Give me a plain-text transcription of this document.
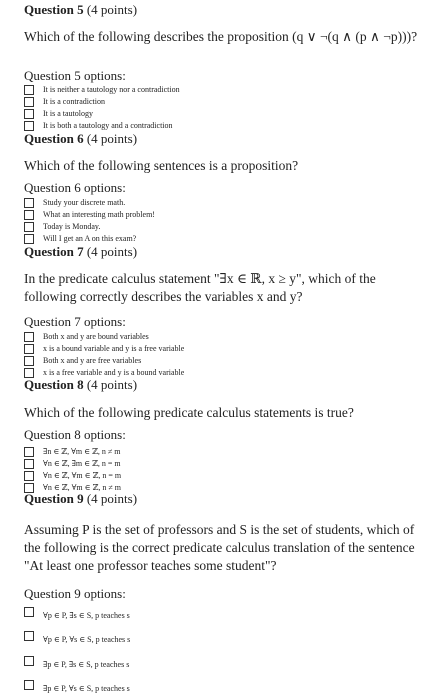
Question 5 (4 points)
Which of the following describes the proposition (q ∨ ¬(q ∧ (p ∧ ¬p)))?
Question 5 options:
It is neither a tautology nor a contradiction
It is a contradiction
It is a tautology
It is both a tautology and a contradiction
Question 6 (4 points)
Which of the following sentences is a proposition?
Question 6 options:
Study your discrete math.
What an interesting math problem!
Today is Monday.
Will I get an A on this exam?
Question 7 (4 points)
In the predicate calculus statement "∃x ∈ ℝ, x ≥ y", which of the following correctly describes the variables x and y?
Question 7 options:
Both x and y are bound variables
x is a bound variable and y is a free variable
Both x and y are free variables
x is a free variable and y is a bound variable
Question 8 (4 points)
Which of the following predicate calculus statements is true?
Question 8 options:
∃n ∈ ℤ, ∀m ∈ ℤ, n ≠ m
∀n ∈ ℤ, ∃m ∈ ℤ, n = m
∀n ∈ ℤ, ∀m ∈ ℤ, n = m
∀n ∈ ℤ, ∀m ∈ ℤ, n ≠ m
Question 9 (4 points)
Assuming P is the set of professors and S is the set of students, which of the following is the correct predicate calculus translation of the sentence "At least one professor teaches some student"?
Question 9 options:
∀p ∈ P, ∃s ∈ S, p teaches s
∀p ∈ P, ∀s ∈ S, p teaches s
∃p ∈ P, ∃s ∈ S, p teaches s
∃p ∈ P, ∀s ∈ S, p teaches s
